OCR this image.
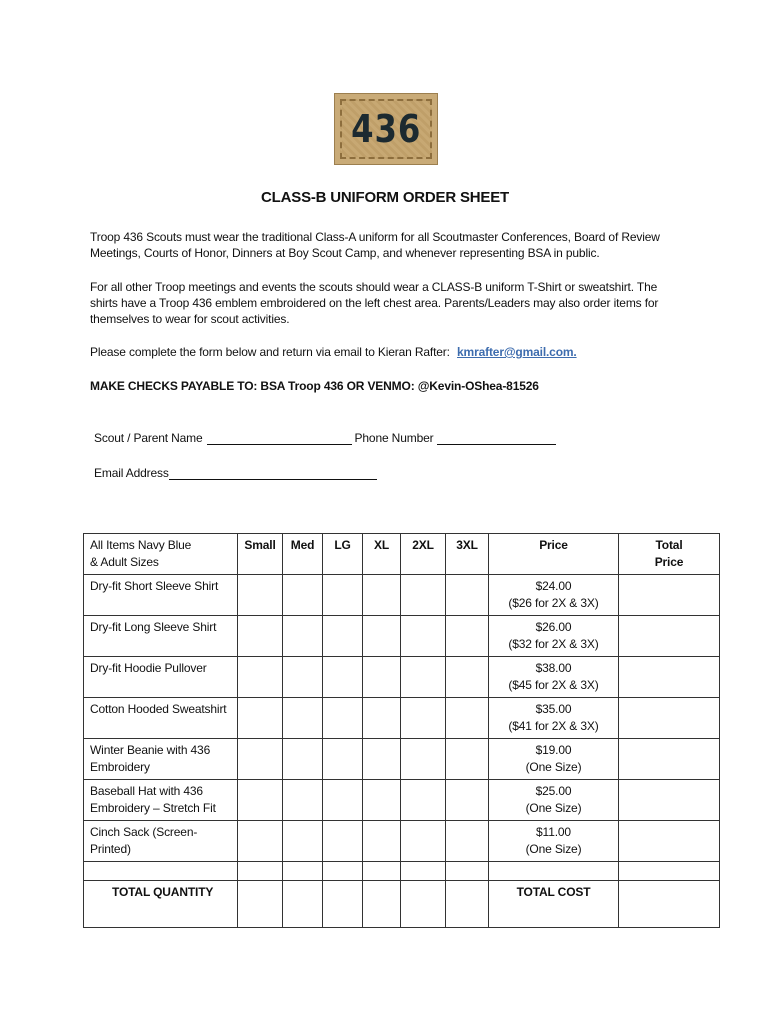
436
CLASS-B UNIFORM ORDER SHEET
Troop 436 Scouts must wear the traditional Class-A uniform for all Scoutmaster Conferences, Board of Review Meetings, Courts of Honor, Dinners at Boy Scout Camp, and whenever representing BSA in public.
For all other Troop meetings and events the scouts should wear a CLASS-B uniform T-Shirt or sweatshirt. The shirts have a Troop 436 emblem embroidered on the left chest area. Parents/Leaders may also order items for themselves to wear for scout activities.
Please complete the form below and return via email to Kieran Rafter: kmrafter@gmail.com.
MAKE CHECKS PAYABLE TO: BSA Troop 436 OR VENMO: @Kevin-OShea-81526
Scout / Parent Name	Phone Number
Email Address
All Items Navy Blue
& Adult Sizes	Small	Med	LG	XL	2XL	3XL	Price	Total
Price
Dry-fit Short Sleeve Shirt							$24.00
($26 for 2X & 3X)	
Dry-fit Long Sleeve Shirt							$26.00
($32 for 2X & 3X)	
Dry-fit Hoodie Pullover							$38.00
($45 for 2X & 3X)	
Cotton Hooded Sweatshirt							$35.00
($41 for 2X & 3X)	
Winter Beanie with 436
Embroidery							$19.00
(One Size)	
Baseball Hat with 436
Embroidery – Stretch Fit							$25.00
(One Size)	
Cinch Sack (Screen-
Printed)							$11.00
(One Size)	

TOTAL QUANTITY							TOTAL COST	
